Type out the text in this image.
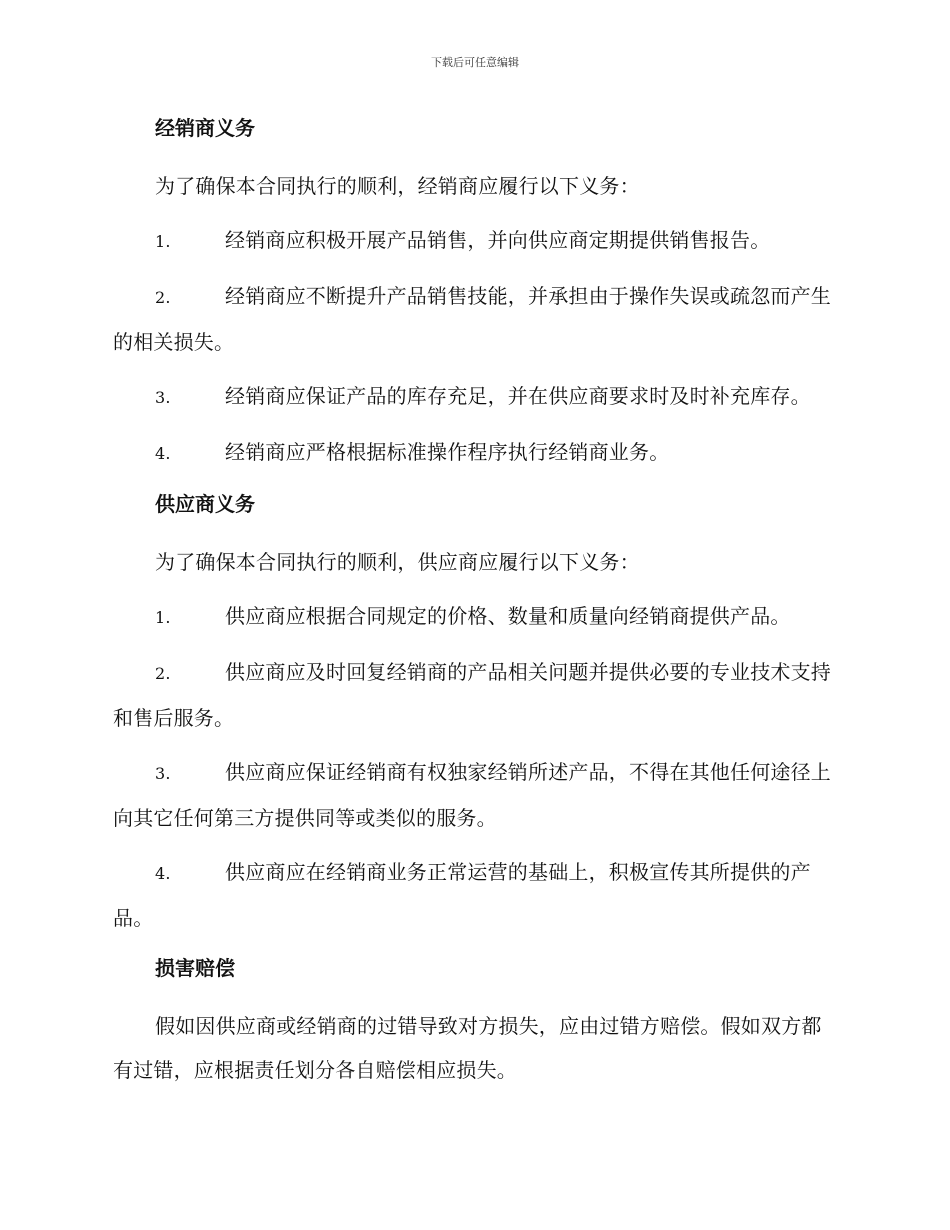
下载后可任意编辑

经销商义务

为了确保本合同执行的顺利，经销商应履行以下义务：

1.	经销商应积极开展产品销售，并向供应商定期提供销售报告。

2.	经销商应不断提升产品销售技能，并承担由于操作失误或疏忽而产生的相关损失。

3.	经销商应保证产品的库存充足，并在供应商要求时及时补充库存。

4.	经销商应严格根据标准操作程序执行经销商业务。

供应商义务

为了确保本合同执行的顺利，供应商应履行以下义务：

1.	供应商应根据合同规定的价格、数量和质量向经销商提供产品。

2.	供应商应及时回复经销商的产品相关问题并提供必要的专业技术支持和售后服务。

3.	供应商应保证经销商有权独家经销所述产品，不得在其他任何途径上向其它任何第三方提供同等或类似的服务。

4.	供应商应在经销商业务正常运营的基础上，积极宣传其所提供的产品。

损害赔偿

假如因供应商或经销商的过错导致对方损失，应由过错方赔偿。假如双方都有过错，应根据责任划分各自赔偿相应损失。
